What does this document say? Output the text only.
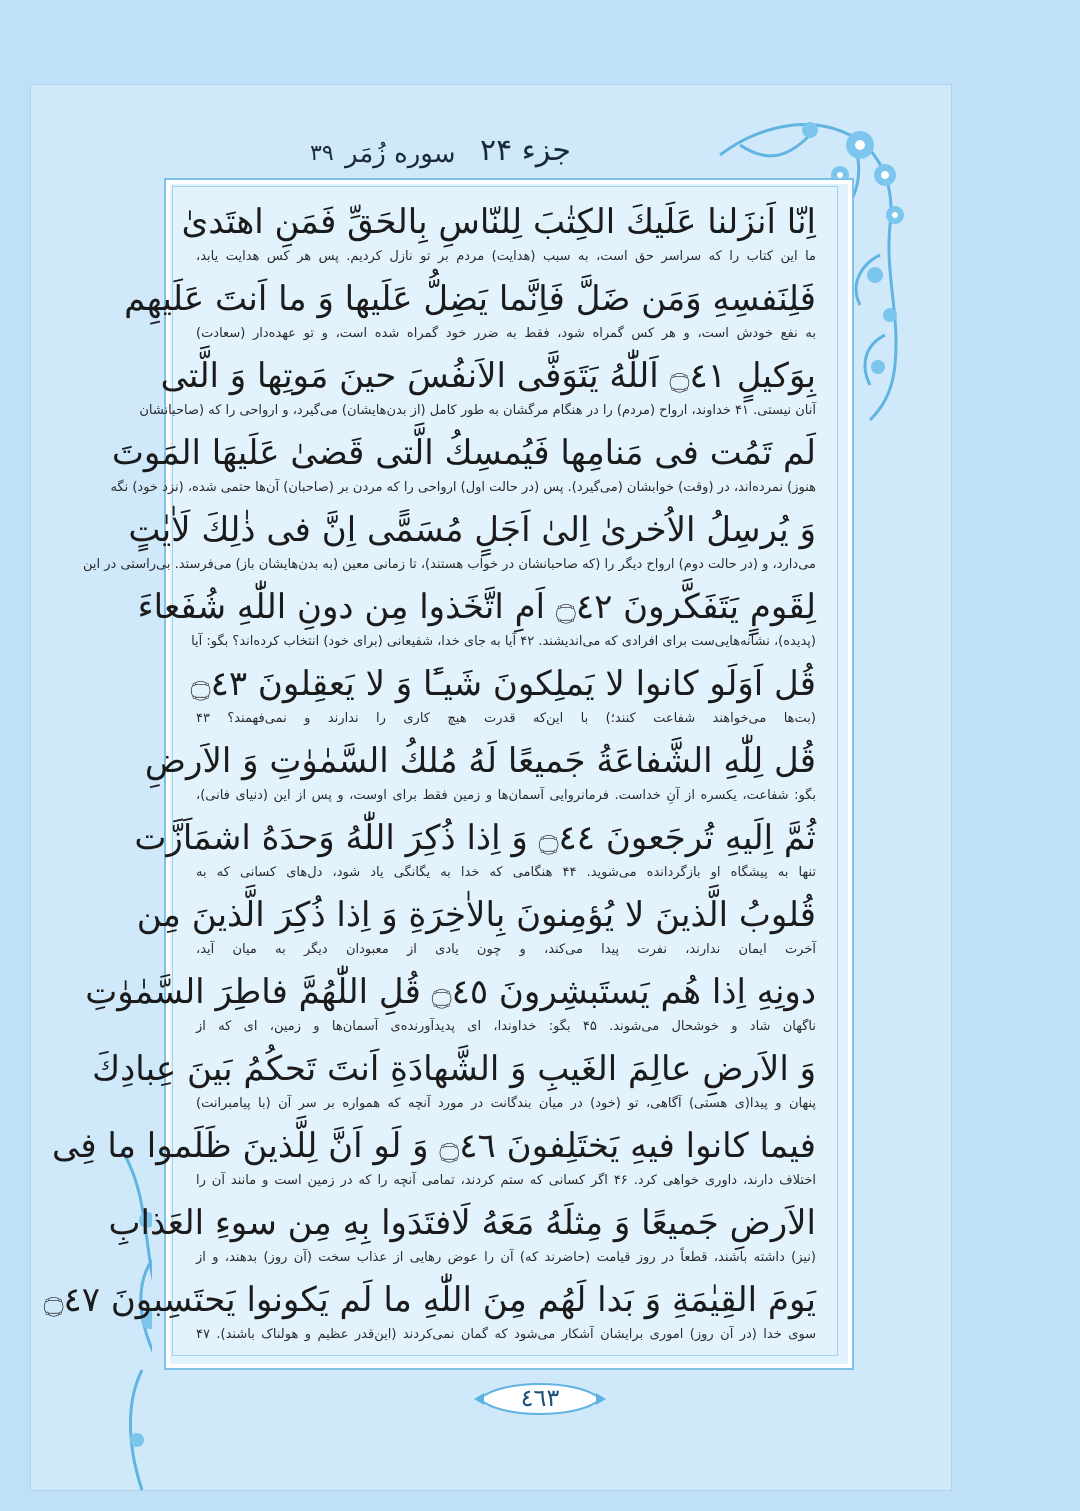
جزء ۲۴
سوره زُمَر
۳۹
اِنّا اَنزَلنا عَلَيكَ الكِتٰبَ لِلنّاسِ بِالحَقِّ فَمَنِ اهتَدىٰ
ما این کتاب را که سراسر حق است، به سبب (هدایت) مردم بر تو نازل کردیم. پس هر کس هدایت یابد،
فَلِنَفسِهِ وَمَن ضَلَّ فَاِنَّما يَضِلُّ عَلَيها وَ ما اَنتَ عَلَيهِم
به نفع خودش است، و هر کس گمراه شود، فقط به ضرر خود گمراه شده است، و تو عهده‌دار (سعادت)
بِوَكيلٍ ۝٤١ اَللّٰهُ يَتَوَفَّى الاَنفُسَ حينَ مَوتِها وَ الَّتى
آنان نیستی. ۴۱ خداوند، ارواح (مردم) را در هنگام مرگشان به طور کامل (از بدن‌هایشان) می‌گیرد، و ارواحی را که (صاحبانشان
لَم تَمُت فى مَنامِها فَيُمسِكُ الَّتى قَضىٰ عَلَيهَا المَوتَ
هنوز) نمرده‌اند، در (وقت) خوابشان (می‌گیرد). پس (در حالت اول) ارواحی را که مردن بر (صاحبان) آن‌ها حتمی شده، (نزد خود) نگه
وَ يُرسِلُ الاُخرىٰ اِلىٰ اَجَلٍ مُسَمًّى اِنَّ فى ذٰلِكَ لَاٰيٰتٍ
می‌دارد، و (در حالت دوم) ارواح دیگر را (که صاحبانشان در خواب هستند)، تا زمانی معین (به بدن‌هایشان باز) می‌فرستد. بی‌راستی در این
لِقَومٍ يَتَفَكَّرونَ ۝٤٢ اَمِ اتَّخَذوا مِن دونِ اللّٰهِ شُفَعاءَ
(پدیده)، نشانه‌هایی‌ست برای افرادی که می‌اندیشند. ۴۲ آیا به جای خدا، شفیعانی (برای خود) انتخاب کرده‌اند؟ بگو: آیا
قُل اَوَلَو كانوا لا يَملِكونَ شَيـًٔا وَ لا يَعقِلونَ ۝٤٣
(بت‌ها می‌خواهند شفاعت کنند؛) با این‌که قدرت هیچ کاری را ندارند و نمی‌فهمند؟ ۴۳
قُل لِلّٰهِ الشَّفاعَةُ جَميعًا لَهُ مُلكُ السَّمٰوٰتِ وَ الاَرضِ
بگو: شفاعت، یکسره از آنِ خداست. فرمانروایی آسمان‌ها و زمین فقط برای اوست، و پس از این (دنیای فانی)،
ثُمَّ اِلَيهِ تُرجَعونَ ۝٤٤ وَ اِذا ذُكِرَ اللّٰهُ وَحدَهُ اشمَاَزَّت
تنها به پیشگاه او بازگردانده می‌شوید. ۴۴ هنگامی که خدا به یگانگی یاد شود، دل‌های کسانی که به
قُلوبُ الَّذينَ لا يُؤمِنونَ بِالاٰخِرَةِ وَ اِذا ذُكِرَ الَّذينَ مِن
آخرت ایمان ندارند، نفرت پیدا می‌کند، و چون یادی از معبودان دیگر به میان آید،
دونِهِ اِذا هُم يَستَبشِرونَ ۝٤٥ قُلِ اللّٰهُمَّ فاطِرَ السَّمٰوٰتِ
ناگهان شاد و خوشحال می‌شوند. ۴۵ بگو: خداوندا، ای پدیدآورنده‌ی آسمان‌ها و زمین، ای که از
وَ الاَرضِ عالِمَ الغَيبِ وَ الشَّهادَةِ اَنتَ تَحكُمُ بَينَ عِبادِكَ
پنهان و پیدا(ی هستی) آگاهی، تو (خود) در میان بندگانت در مورد آنچه که همواره بر سر آن (با پیامبرانت)
فيما كانوا فيهِ يَختَلِفونَ ۝٤٦ وَ لَو اَنَّ لِلَّذينَ ظَلَموا ما فِى
اختلاف دارند، داوری خواهی کرد. ۴۶ اگر کسانی که ستم کردند، تمامی آنچه را که در زمین است و مانند آن را
الاَرضِ جَميعًا وَ مِثلَهُ مَعَهُ لَافتَدَوا بِهِ مِن سوءِ العَذابِ
(نیز) داشته باشند، قطعاً در روز قیامت (حاضرند که) آن را عوض رهایی از عذاب سخت (آن روز) بدهند، و از
يَومَ القِيٰمَةِ وَ بَدا لَهُم مِنَ اللّٰهِ ما لَم يَكونوا يَحتَسِبونَ ۝٤٧
سوی خدا (در آن روز) اموری برایشان آشکار می‌شود که گمان نمی‌کردند (این‌قدر عظیم و هولناک باشند). ۴۷
٤٦٣
